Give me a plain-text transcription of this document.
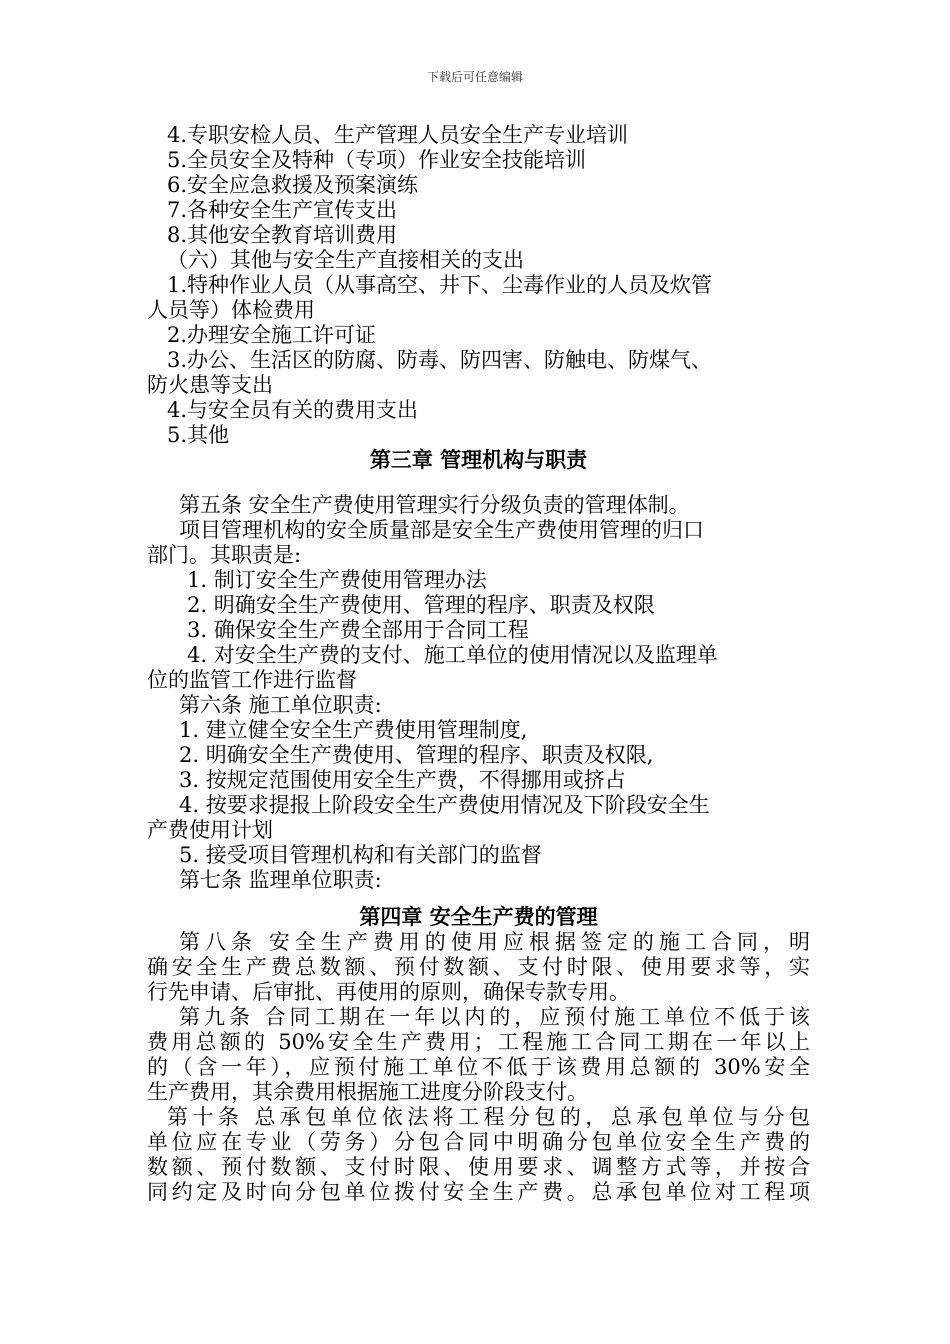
下载后可任意编辑
4.专职安检人员、生产管理人员安全生产专业培训
5.全员安全及特种（专项）作业安全技能培训
6.安全应急救援及预案演练
7.各种安全生产宣传支出
8.其他安全教育培训费用
（六）其他与安全生产直接相关的支出
1.特种作业人员（从事高空、井下、尘毒作业的人员及炊管
人员等）体检费用
2.办理安全施工许可证
3.办公、生活区的防腐、防毒、防四害、防触电、防煤气、
防火患等支出
4.与安全员有关的费用支出
5.其他
第三章 管理机构与职责
第五条 安全生产费使用管理实行分级负责的管理体制。
项目管理机构的安全质量部是安全生产费使用管理的归口
部门。其职责是:
1. 制订安全生产费使用管理办法
2. 明确安全生产费使用、管理的程序、职责及权限
3. 确保安全生产费全部用于合同工程
4. 对安全生产费的支付、施工单位的使用情况以及监理单
位的监管工作进行监督
第六条 施工单位职责:
1. 建立健全安全生产费使用管理制度,
2. 明确安全生产费使用、管理的程序、职责及权限,
3. 按规定范围使用安全生产费，不得挪用或挤占
4. 按要求提报上阶段安全生产费使用情况及下阶段安全生
产费使用计划
5. 接受项目管理机构和有关部门的监督
第七条 监理单位职责:
第四章 安全生产费的管理
第八条 安全生产费用的使用应根据签定的施工合同，明
确安全生产费总数额、预付数额、支付时限、使用要求等，实
行先申请、后审批、再使用的原则，确保专款专用。
第九条 合同工期在一年以内的，应预付施工单位不低于该
费用总额的 50%安全生产费用；工程施工合同工期在一年以上
的（含一年），应预付施工单位不低于该费用总额的 30%安全
生产费用，其余费用根据施工进度分阶段支付。
第十条 总承包单位依法将工程分包的，总承包单位与分包
单位应在专业（劳务）分包合同中明确分包单位安全生产费的
数额、预付数额、支付时限、使用要求、调整方式等，并按合
同约定及时向分包单位拨付安全生产费。总承包单位对工程项
